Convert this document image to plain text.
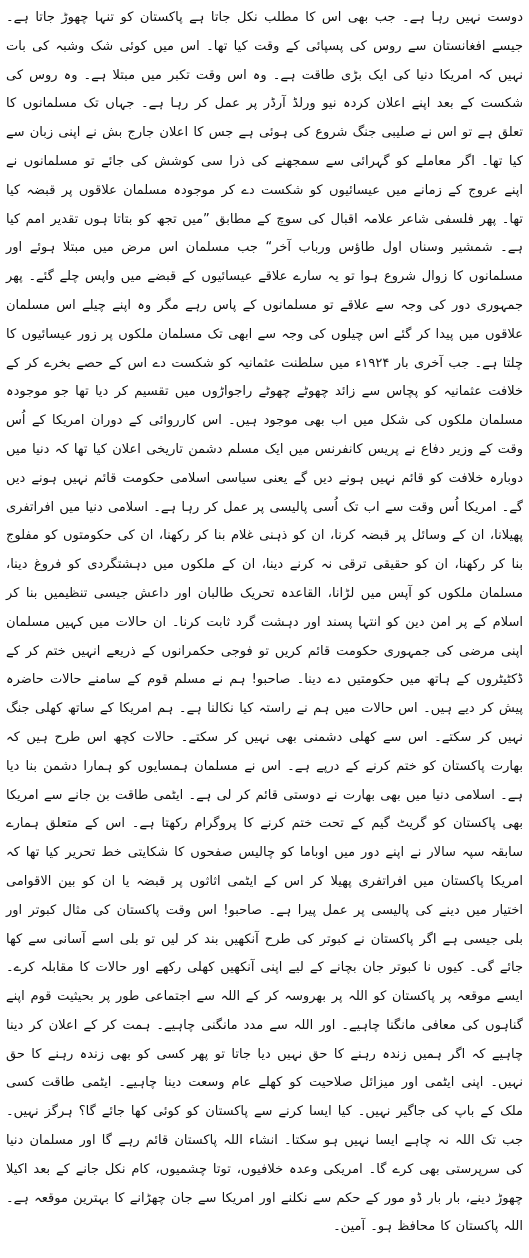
دوست نہیں رہا ہے۔ جب بھی اس کا مطلب نکل جاتا ہے پاکستان کو تنہا چھوڑ جاتا ہے۔ جیسے افغانستان سے روس کی پسپائی کے وقت کیا تھا۔ اس میں کوئی شک وشبہ کی بات نہیں کہ امریکا دنیا کی ایک بڑی طاقت ہے۔ وہ اس وقت تکبر میں مبتلا ہے۔ وہ روس کی شکست کے بعد اپنے اعلان کردہ نیو ورلڈ آرڈر پر عمل کر رہا ہے۔ جہاں تک مسلمانوں کا تعلق ہے تو اس نے صلیبی جنگ شروع کی ہوئی ہے جس کا اعلان جارج بش نے اپنی زبان سے کیا تھا۔ اگر معاملے کو گہرائی سے سمجھنے کی ذرا سی کوشش کی جائے تو مسلمانوں نے اپنے عروج کے زمانے میں عیسائیوں کو شکست دے کر موجودہ مسلمان علاقوں پر قبضہ کیا تھا۔ پھر فلسفی شاعر علامہ اقبال کی سوچ کے مطابق ”میں تجھ کو بتاتا ہوں تقدیر امم کیا ہے۔ شمشیر وسناں اول طاؤس ورباب آخر“ جب مسلمان اس مرض میں مبتلا ہوئے اور مسلمانوں کا زوال شروع ہوا تو یہ سارے علاقے عیسائیوں کے قبضے میں واپس چلے گئے۔ پھر جمہوری دور کی وجہ سے علاقے تو مسلمانوں کے پاس رہے مگر وہ اپنے چیلے اس مسلمان علاقوں میں پیدا کر گئے اس چیلوں کی وجہ سے ابھی تک مسلمان ملکوں پر زور عیسائیوں کا چلتا ہے۔ جب آخری بار ۱۹۲۴ء میں سلطنت عثمانیہ کو شکست دے اس کے حصے بخرے کر کے خلافت عثمانیہ کو پچاس سے زائد چھوٹے چھوٹے راجواڑوں میں تقسیم کر دیا تھا جو موجودہ مسلمان ملکوں کی شکل میں اب بھی موجود ہیں۔ اس کارروائی کے دوران امریکا کے اُس وقت کے وزیر دفاع نے پریس کانفرنس میں ایک مسلم دشمن تاریخی اعلان کیا تھا کہ دنیا میں دوبارہ خلافت کو قائم نہیں ہونے دیں گے یعنی سیاسی اسلامی حکومت قائم نہیں ہونے دیں گے۔ امریکا اُس وقت سے اب تک اُسی پالیسی پر عمل کر رہا ہے۔ اسلامی دنیا میں افراتفری پھیلانا، ان کے وسائل پر قبضہ کرنا، ان کو ذہنی غلام بنا کر رکھنا، ان کی حکومتوں کو مفلوج بنا کر رکھنا، ان کو حقیقی ترقی نہ کرنے دینا، ان کے ملکوں میں دہشتگردی کو فروغ دینا، مسلمان ملکوں کو آپس میں لڑانا، القاعدہ تحریک طالبان اور داعش جیسی تنظیمیں بنا کر اسلام کے پر امن دین کو انتہا پسند اور دہشت گرد ثابت کرنا۔ ان حالات میں کہیں مسلمان اپنی مرضی کی جمہوری حکومت قائم کریں تو فوجی حکمرانوں کے ذریعے انہیں ختم کر کے ڈکٹیٹروں کے ہاتھ میں حکومتیں دے دینا۔ صاحبو! ہم نے مسلم قوم کے سامنے حالات حاضرہ پیش کر دیے ہیں۔ اس حالات میں ہم نے راستہ کیا نکالنا ہے۔ ہم امریکا کے ساتھ کھلی جنگ نہیں کر سکتے۔ اس سے کھلی دشمنی بھی نہیں کر سکتے۔ حالات کچھ اس طرح ہیں کہ بھارت پاکستان کو ختم کرنے کے درپے ہے۔ اس نے مسلمان ہمسایوں کو ہمارا دشمن بنا دیا ہے۔ اسلامی دنیا میں بھی بھارت نے دوستی قائم کر لی ہے۔ ایٹمی طاقت بن جانے سے امریکا بھی پاکستان کو گریٹ گیم کے تحت ختم کرنے کا پروگرام رکھتا ہے۔ اس کے متعلق ہمارے سابقہ سپہ سالار نے اپنے دور میں اوباما کو چالیس صفحوں کا شکایتی خط تحریر کیا تھا کہ امریکا پاکستان میں افراتفری پھیلا کر اس کے ایٹمی اثاثوں پر قبضہ یا ان کو بین الاقوامی اختیار میں دینے کی پالیسی پر عمل پیرا ہے۔ صاحبو! اس وقت پاکستان کی مثال کبوتر اور بلی جیسی ہے اگر پاکستان نے کبوتر کی طرح آنکھیں بند کر لیں تو بلی اسے آسانی سے کھا جائے گی۔ کیوں نا کبوتر جان بچانے کے لیے اپنی آنکھیں کھلی رکھے اور حالات کا مقابلہ کرے۔ ایسے موقعہ پر پاکستان کو اللہ پر بھروسہ کر کے اللہ سے اجتماعی طور پر بحیثیت قوم اپنے گناہوں کی معافی مانگنا چاہیے۔ اور اللہ سے مدد مانگنی چاہیے۔ ہمت کر کے اعلان کر دینا چاہیے کہ اگر ہمیں زندہ رہنے کا حق نہیں دیا جاتا تو پھر کسی کو بھی زندہ رہنے کا حق نہیں۔ اپنی ایٹمی اور میزائل صلاحیت کو کھلے عام وسعت دینا چاہیے۔ ایٹمی طاقت کسی ملک کے باپ کی جاگیر نہیں۔ کیا ایسا کرنے سے پاکستان کو کوئی کھا جائے گا؟ ہرگز نہیں۔ جب تک اللہ نہ چاہے ایسا نہیں ہو سکتا۔ انشاء اللہ پاکستان قائم رہے گا اور مسلمان دنیا کی سرپرستی بھی کرے گا۔ امریکی وعدہ خلافیوں، توتا چشمیوں، کام نکل جانے کے بعد اکیلا چھوڑ دینے، بار بار ڈو مور کے حکم سے نکلنے اور امریکا سے جان چھڑانے کا بہترین موقعہ ہے۔ اللہ پاکستان کا محافظ ہو۔ آمین۔
